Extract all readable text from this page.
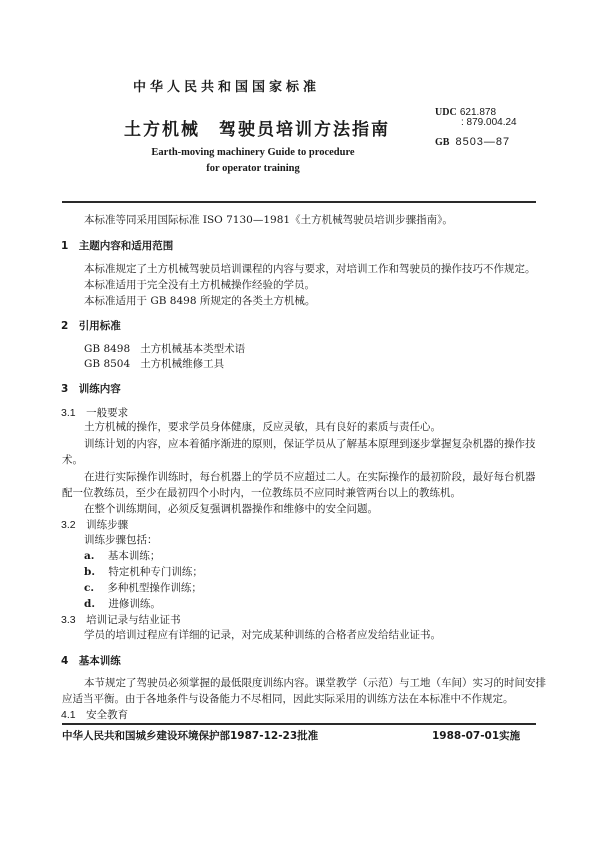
中华人民共和国国家标准
土方机械　驾驶员培训方法指南
Earth-moving machinery Guide to procedure
for operator training
UDC 621.878
: 879.004.24
GB 8503—87
本标准等同采用国际标准 ISO 7130—1981《土方机械驾驶员培训步骤指南》。
1　主题内容和适用范围
本标准规定了土方机械驾驶员培训课程的内容与要求，对培训工作和驾驶员的操作技巧不作规定。
本标准适用于完全没有土方机械操作经验的学员。
本标准适用于 GB 8498 所规定的各类土方机械。
2　引用标准
GB 8498 土方机械基本类型术语
GB 8504 土方机械维修工具
3　训练内容
3.1　一般要求
土方机械的操作，要求学员身体健康，反应灵敏，具有良好的素质与责任心。
训练计划的内容，应本着循序渐进的原则，保证学员从了解基本原理到逐步掌握复杂机器的操作技
术。
在进行实际操作训练时，每台机器上的学员不应超过二人。在实际操作的最初阶段，最好每台机器
配一位教练员，至少在最初四个小时内，一位教练员不应同时兼管两台以上的教练机。
在整个训练期间，必须反复强调机器操作和维修中的安全问题。
3.2　训练步骤
训练步骤包括：
a. 基本训练；
b. 特定机种专门训练；
c. 多种机型操作训练；
d. 进修训练。
3.3　培训记录与结业证书
学员的培训过程应有详细的记录，对完成某种训练的合格者应发给结业证书。
4　基本训练
本节规定了驾驶员必须掌握的最低限度训练内容。课堂教学（示范）与工地（车间）实习的时间安排
应适当平衡。由于各地条件与设备能力不尽相同，因此实际采用的训练方法在本标准中不作规定。
4.1　安全教育
中华人民共和国城乡建设环境保护部1987-12-23批准	1988-07-01实施
